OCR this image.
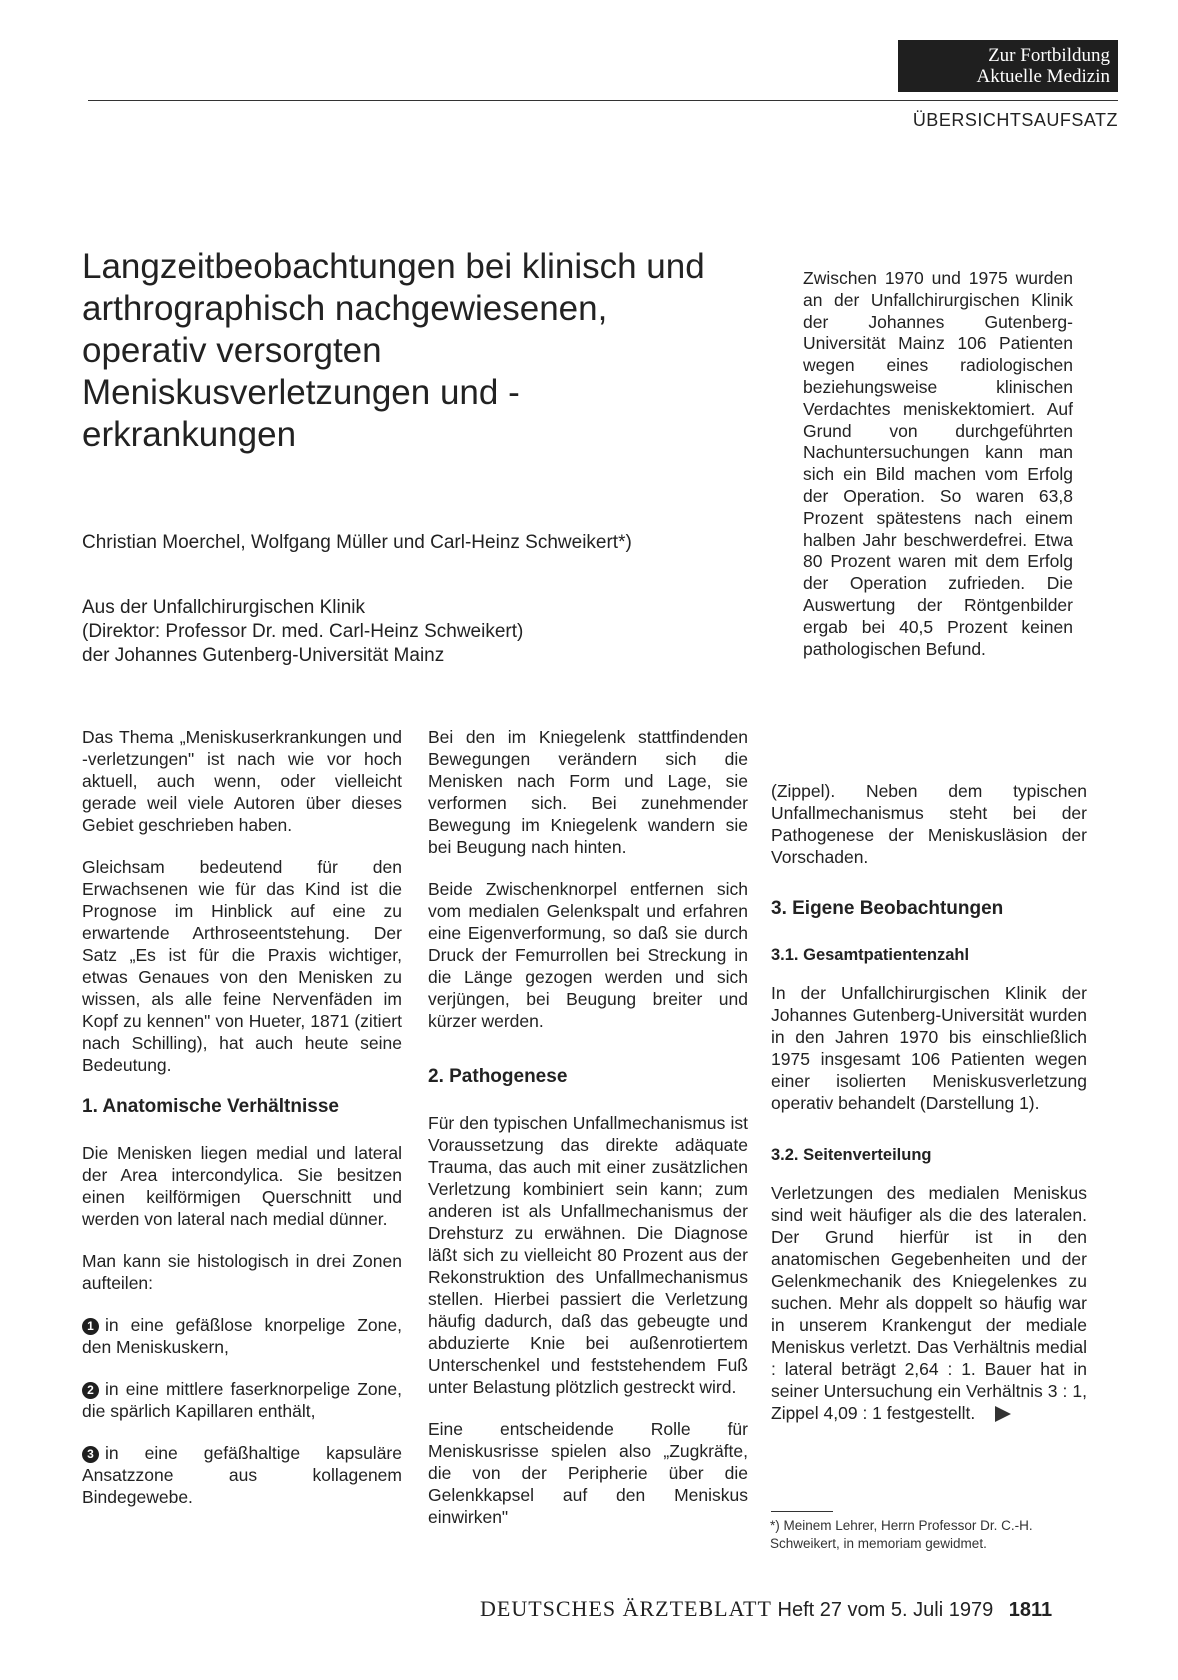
Zur Fortbildung
Aktuelle Medizin
ÜBERSICHTSAUFSATZ
Langzeitbeobachtungen bei klinisch und arthrographisch nachgewiesenen, operativ versorgten Meniskusverletzungen und -erkrankungen
Christian Moerchel, Wolfgang Müller und Carl-Heinz Schweikert*)
Aus der Unfallchirurgischen Klinik
(Direktor: Professor Dr. med. Carl-Heinz Schweikert)
der Johannes Gutenberg-Universität Mainz
Zwischen 1970 und 1975 wurden an der Unfallchirurgischen Klinik der Johannes Gutenberg-Universität Mainz 106 Patienten wegen eines radiologischen beziehungsweise klinischen Verdachtes meniskektomiert. Auf Grund von durchgeführten Nachuntersuchungen kann man sich ein Bild machen vom Erfolg der Operation. So waren 63,8 Prozent spätestens nach einem halben Jahr beschwerdefrei. Etwa 80 Prozent waren mit dem Erfolg der Operation zufrieden. Die Auswertung der Röntgenbilder ergab bei 40,5 Prozent keinen pathologischen Befund.

Das Thema „Meniskuserkrankungen und -verletzungen" ist nach wie vor hoch aktuell, auch wenn, oder vielleicht gerade weil viele Autoren über dieses Gebiet geschrieben haben.

Gleichsam bedeutend für den Erwachsenen wie für das Kind ist die Prognose im Hinblick auf eine zu erwartende Arthroseentstehung. Der Satz „Es ist für die Praxis wichtiger, etwas Genaues von den Menisken zu wissen, als alle feine Nervenfäden im Kopf zu kennen" von Hueter, 1871 (zitiert nach Schilling), hat auch heute seine Bedeutung.

1. Anatomische Verhältnisse

Die Menisken liegen medial und lateral der Area intercondylica. Sie besitzen einen keilförmigen Querschnitt und werden von lateral nach medial dünner.

Man kann sie histologisch in drei Zonen aufteilen:

1 in eine gefäßlose knorpelige Zone, den Meniskuskern,

2 in eine mittlere faserknorpelige Zone, die spärlich Kapillaren enthält,

3 in eine gefäßhaltige kapsuläre Ansatzzone aus kollagenem Bindegewebe.

Bei den im Kniegelenk stattfindenden Bewegungen verändern sich die Menisken nach Form und Lage, sie verformen sich. Bei zunehmender Bewegung im Kniegelenk wandern sie bei Beugung nach hinten.

Beide Zwischenknorpel entfernen sich vom medialen Gelenkspalt und erfahren eine Eigenverformung, so daß sie durch Druck der Femurrollen bei Streckung in die Länge gezogen werden und sich verjüngen, bei Beugung breiter und kürzer werden.

2. Pathogenese

Für den typischen Unfallmechanismus ist Voraussetzung das direkte adäquate Trauma, das auch mit einer zusätzlichen Verletzung kombiniert sein kann; zum anderen ist als Unfallmechanismus der Drehsturz zu erwähnen. Die Diagnose läßt sich zu vielleicht 80 Prozent aus der Rekonstruktion des Unfallmechanismus stellen. Hierbei passiert die Verletzung häufig dadurch, daß das gebeugte und abduzierte Knie bei außenrotiertem Unterschenkel und feststehendem Fuß unter Belastung plötzlich gestreckt wird.

Eine entscheidende Rolle für Meniskusrisse spielen also „Zugkräfte, die von der Peripherie über die Gelenkkapsel auf den Meniskus einwirken"

(Zippel). Neben dem typischen Unfallmechanismus steht bei der Pathogenese der Meniskusläsion der Vorschaden.

3. Eigene Beobachtungen
3.1. Gesamtpatientenzahl

In der Unfallchirurgischen Klinik der Johannes Gutenberg-Universität wurden in den Jahren 1970 bis einschließlich 1975 insgesamt 106 Patienten wegen einer isolierten Meniskusverletzung operativ behandelt (Darstellung 1).

3.2. Seitenverteilung

Verletzungen des medialen Meniskus sind weit häufiger als die des lateralen. Der Grund hierfür ist in den anatomischen Gegebenheiten und der Gelenkmechanik des Kniegelenkes zu suchen. Mehr als doppelt so häufig war in unserem Krankengut der mediale Meniskus verletzt. Das Verhältnis medial : lateral beträgt 2,64 : 1. Bauer hat in seiner Untersuchung ein Verhältnis 3 : 1, Zippel 4,09 : 1 festgestellt.

*) Meinem Lehrer, Herrn Professor Dr. C.-H. Schweikert, in memoriam gewidmet.
DEUTSCHES ÄRZTEBLATT Heft 27 vom 5. Juli 1979 1811
